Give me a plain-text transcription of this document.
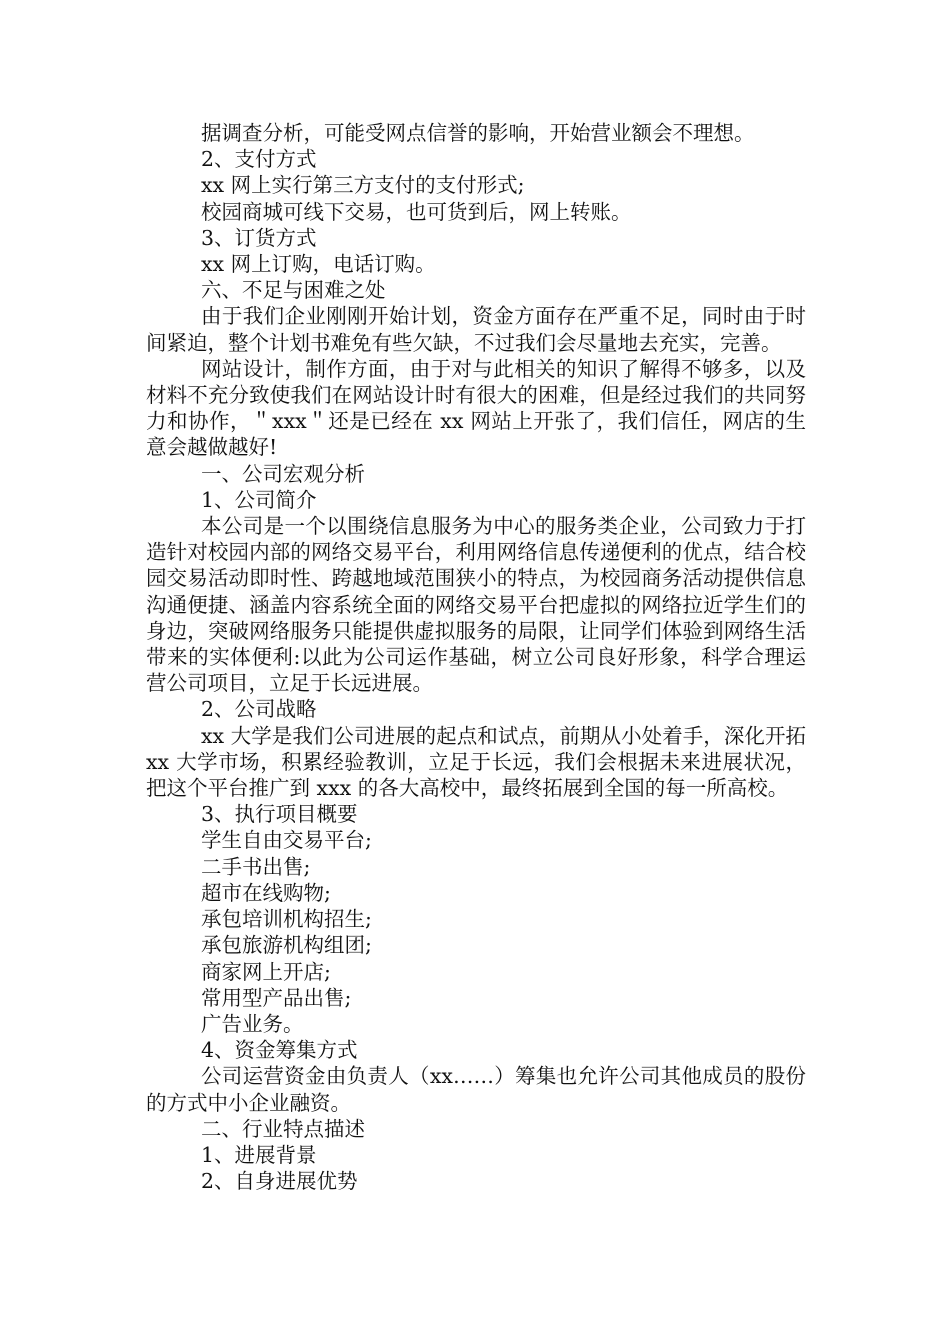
据调查分析，可能受网点信誉的影响，开始营业额会不理想。

2、支付方式

xx 网上实行第三方支付的支付形式;

校园商城可线下交易，也可货到后，网上转账。

3、订货方式

xx 网上订购，电话订购。

六、不足与困难之处

由于我们企业刚刚开始计划，资金方面存在严重不足，同时由于时间紧迫，整个计划书难免有些欠缺，不过我们会尽量地去充实，完善。

网站设计，制作方面，由于对与此相关的知识了解得不够多，以及材料不充分致使我们在网站设计时有很大的困难，但是经过我们的共同努力和协作，＂xxx＂还是已经在 xx 网站上开张了，我们信任，网店的生意会越做越好!

一、公司宏观分析

1、公司简介

本公司是一个以围绕信息服务为中心的服务类企业，公司致力于打造针对校园内部的网络交易平台，利用网络信息传递便利的优点，结合校园交易活动即时性、跨越地域范围狭小的特点，为校园商务活动提供信息沟通便捷、涵盖内容系统全面的网络交易平台把虚拟的网络拉近学生们的身边，突破网络服务只能提供虚拟服务的局限，让同学们体验到网络生活带来的实体便利:以此为公司运作基础，树立公司良好形象，科学合理运营公司项目，立足于长远进展。

2、公司战略

xx 大学是我们公司进展的起点和试点，前期从小处着手，深化开拓 xx 大学市场，积累经验教训，立足于长远，我们会根据未来进展状况，把这个平台推广到 xxx 的各大高校中，最终拓展到全国的每一所高校。

3、执行项目概要

学生自由交易平台;

二手书出售;

超市在线购物;

承包培训机构招生;

承包旅游机构组团;

商家网上开店;

常用型产品出售;

广告业务。

4、资金筹集方式

公司运营资金由负责人（xx……）筹集也允许公司其他成员的股份的方式中小企业融资。

二、行业特点描述

1、进展背景

2、自身进展优势
